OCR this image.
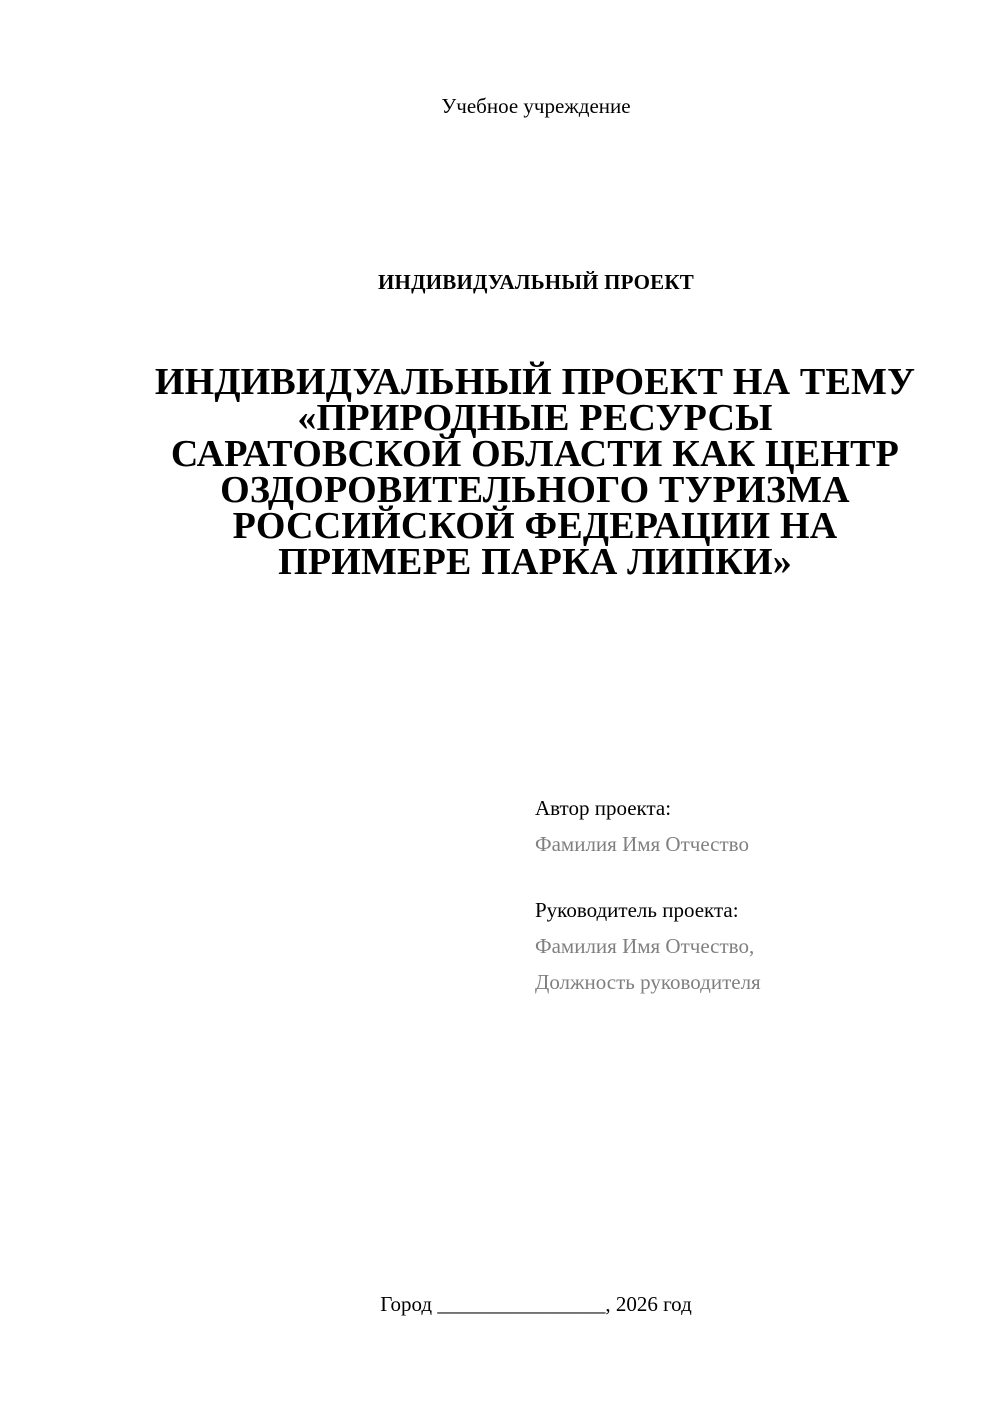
Учебное учреждение
ИНДИВИДУАЛЬНЫЙ ПРОЕКТ
ИНДИВИДУАЛЬНЫЙ ПРОЕКТ НА ТЕМУ
«ПРИРОДНЫЕ РЕСУРСЫ
САРАТОВСКОЙ ОБЛАСТИ КАК ЦЕНТР
ОЗДОРОВИТЕЛЬНОГО ТУРИЗМА
РОССИЙСКОЙ ФЕДЕРАЦИИ НА
ПРИМЕРЕ ПАРКА ЛИПКИ»
Автор проекта:
Фамилия Имя Отчество
Руководитель проекта:
Фамилия Имя Отчество,
Должность руководителя
Город ________________, 2026 год
